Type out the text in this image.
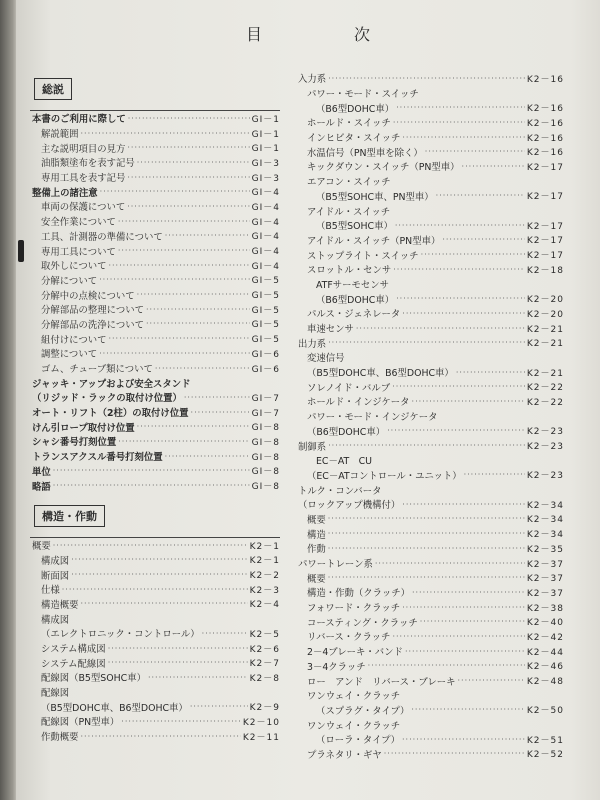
目　次
総説
本書のご利用に際して ·····	GⅠ－1
解説範囲 ·····	GⅠ－1
主な説明項目の見方 ·····	GⅠ－1
油脂類塗布を表す記号 ·····	GⅠ－3
専用工具を表す記号 ·····	GⅠ－3
整備上の諸注意 ·····	GⅠ－4
車両の保護について ·····	GⅠ－4
安全作業について ·····	GⅠ－4
工具、計測器の準備について ·····	GⅠ－4
専用工具について ·····	GⅠ－4
取外しについて ·····	GⅠ－4
分解について ·····	GⅠ－5
分解中の点検について ·····	GⅠ－5
分解部品の整理について ·····	GⅠ－5
分解部品の洗浄について ·····	GⅠ－5
組付けについて ·····	GⅠ－5
調整について ·····	GⅠ－6
ゴム、チューブ類について ·····	GⅠ－6
ジャッキ・アップおよび安全スタンド
（リジッド・ラックの取付け位置） ·····	GⅠ－7
オート・リフト（2柱）の取付け位置 ·····	GⅠ－7
けん引ロープ取付け位置 ·····	GⅠ－8
シャシ番号打刻位置 ·····	GⅠ－8
トランスアクスル番号打刻位置 ·····	GⅠ－8
単位 ·····	GⅠ－8
略語 ·····	GⅠ－8
構造・作動
概要 ·····	K2－1
構成図 ·····	K2－1
断面図 ·····	K2－2
仕様 ·····	K2－3
構造概要 ·····	K2－4
構成図
（エレクトロニック・コントロール） ·····	K2－5
システム構成図 ·····	K2－6
システム配線図 ·····	K2－7
配線図（B5型SOHC車） ·····	K2－8
配線図
（B5型DOHC車、B6型DOHC車） ·····	K2－9
配線図（PN型車） ·····	K2－10
作動概要 ·····	K2－11
入力系 ·····	K2－16
パワー・モード・スイッチ
（B6型DOHC車） ·····	K2－16
ホールド・スイッチ ·····	K2－16
インヒビタ・スイッチ ·····	K2－16
水温信号（PN型車を除く） ·····	K2－16
キックダウン・スイッチ（PN型車） ·····	K2－17
エアコン・スイッチ
（B5型SOHC車、PN型車） ·····	K2－17
アイドル・スイッチ
（B5型SOHC車） ·····	K2－17
アイドル・スイッチ（PN型車） ·····	K2－17
ストップライト・スイッチ ·····	K2－17
スロットル・センサ ·····	K2－18
ATFサーモセンサ
（B6型DOHC車） ·····	K2－20
パルス・ジェネレータ ·····	K2－20
車速センサ ·····	K2－21
出力系 ·····	K2－21
変速信号
（B5型DOHC車、B6型DOHC車） ·····	K2－21
ソレノイド・バルブ ·····	K2－22
ホールド・インジケータ ·····	K2－22
パワー・モード・インジケータ
（B6型DOHC車） ·····	K2－23
制御系 ·····	K2－23
EC－AT　CU
（EC－ATコントロール・ユニット） ·····	K2－23
トルク・コンバータ
（ロックアップ機構付） ·····	K2－34
概要 ·····	K2－34
構造 ·····	K2－34
作動 ·····	K2－35
パワートレーン系 ·····	K2－37
概要 ·····	K2－37
構造・作動（クラッチ） ·····	K2－37
フォワード・クラッチ ·····	K2－38
コースティング・クラッチ ·····	K2－40
リバース・クラッチ ·····	K2－42
2－4ブレーキ・バンド ·····	K2－44
3－4クラッチ ·····	K2－46
ロー　アンド　リバース・ブレーキ ·····	K2－48
ワンウェイ・クラッチ
（スプラグ・タイプ） ·····	K2－50
ワンウェイ・クラッチ
（ローラ・タイプ） ·····	K2－51
プラネタリ・ギヤ ·····	K2－52
